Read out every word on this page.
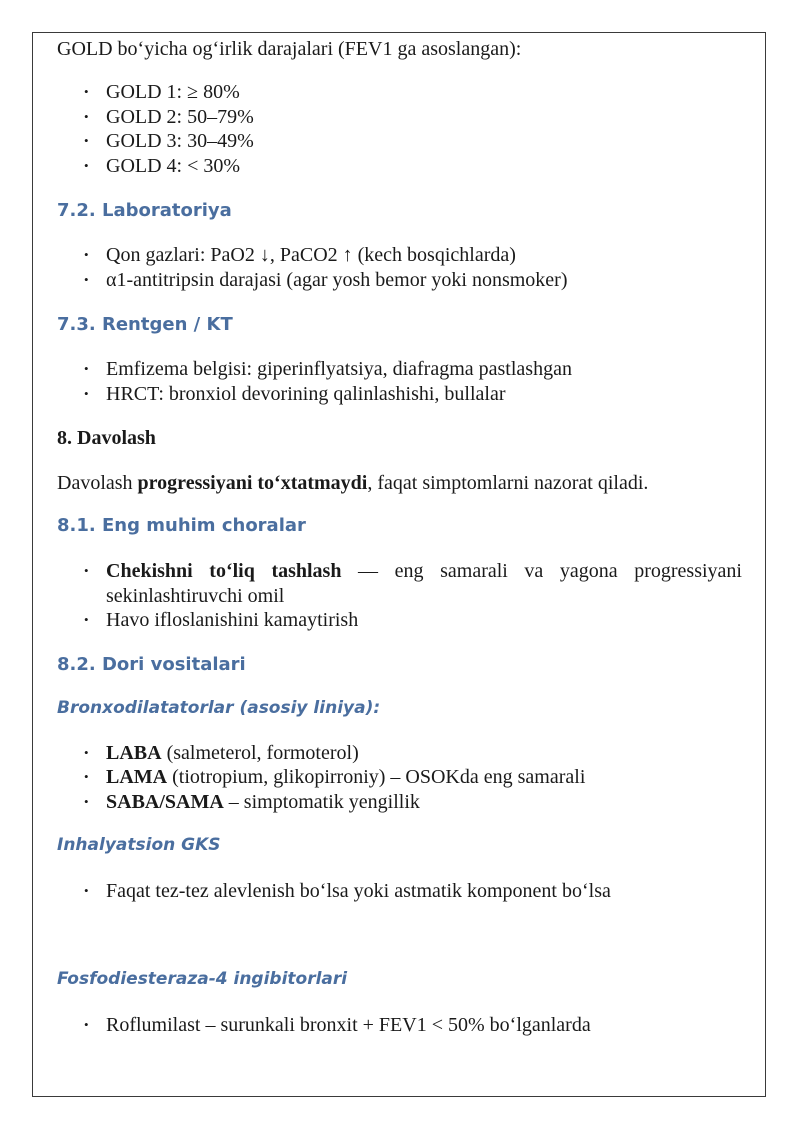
GOLD bo‘yicha og‘irlik darajalari (FEV1 ga asoslangan):

• GOLD 1: ≥ 80%
• GOLD 2: 50–79%
• GOLD 3: 30–49%
• GOLD 4: < 30%
7.2. Laboratoriya
• Qon gazlari: PaO2 ↓, PaCO2 ↑ (kech bosqichlarda)
• α1-antitripsin darajasi (agar yosh bemor yoki nonsmoker)
7.3. Rentgen / KT
• Emfizema belgisi: giperinflyatsiya, diafragma pastlashgan
• HRCT: bronxiol devorining qalinlashishi, bullalar
8. Davolash

Davolash progressiyani to‘xtatmaydi, faqat simptomlarni nazorat qiladi.

8.1. Eng muhim choralar
• Chekishni to‘liq tashlash — eng samarali va yagona progressiyani sekinlashtiruvchi omil
• Havo ifloslanishini kamaytirish
8.2. Dori vositalari
Bronxodilatatorlar (asosiy liniya):
• LABA (salmeterol, formoterol)
• LAMA (tiotropium, glikopirroniy) – OSOKda eng samarali
• SABA/SAMA – simptomatik yengillik
Inhalyatsion GKS
• Faqat tez-tez alevlenish bo‘lsa yoki astmatik komponent bo‘lsa
Fosfodiesteraza-4 ingibitorlari
• Roflumilast – surunkali bronxit + FEV1 < 50% bo‘lganlarda
